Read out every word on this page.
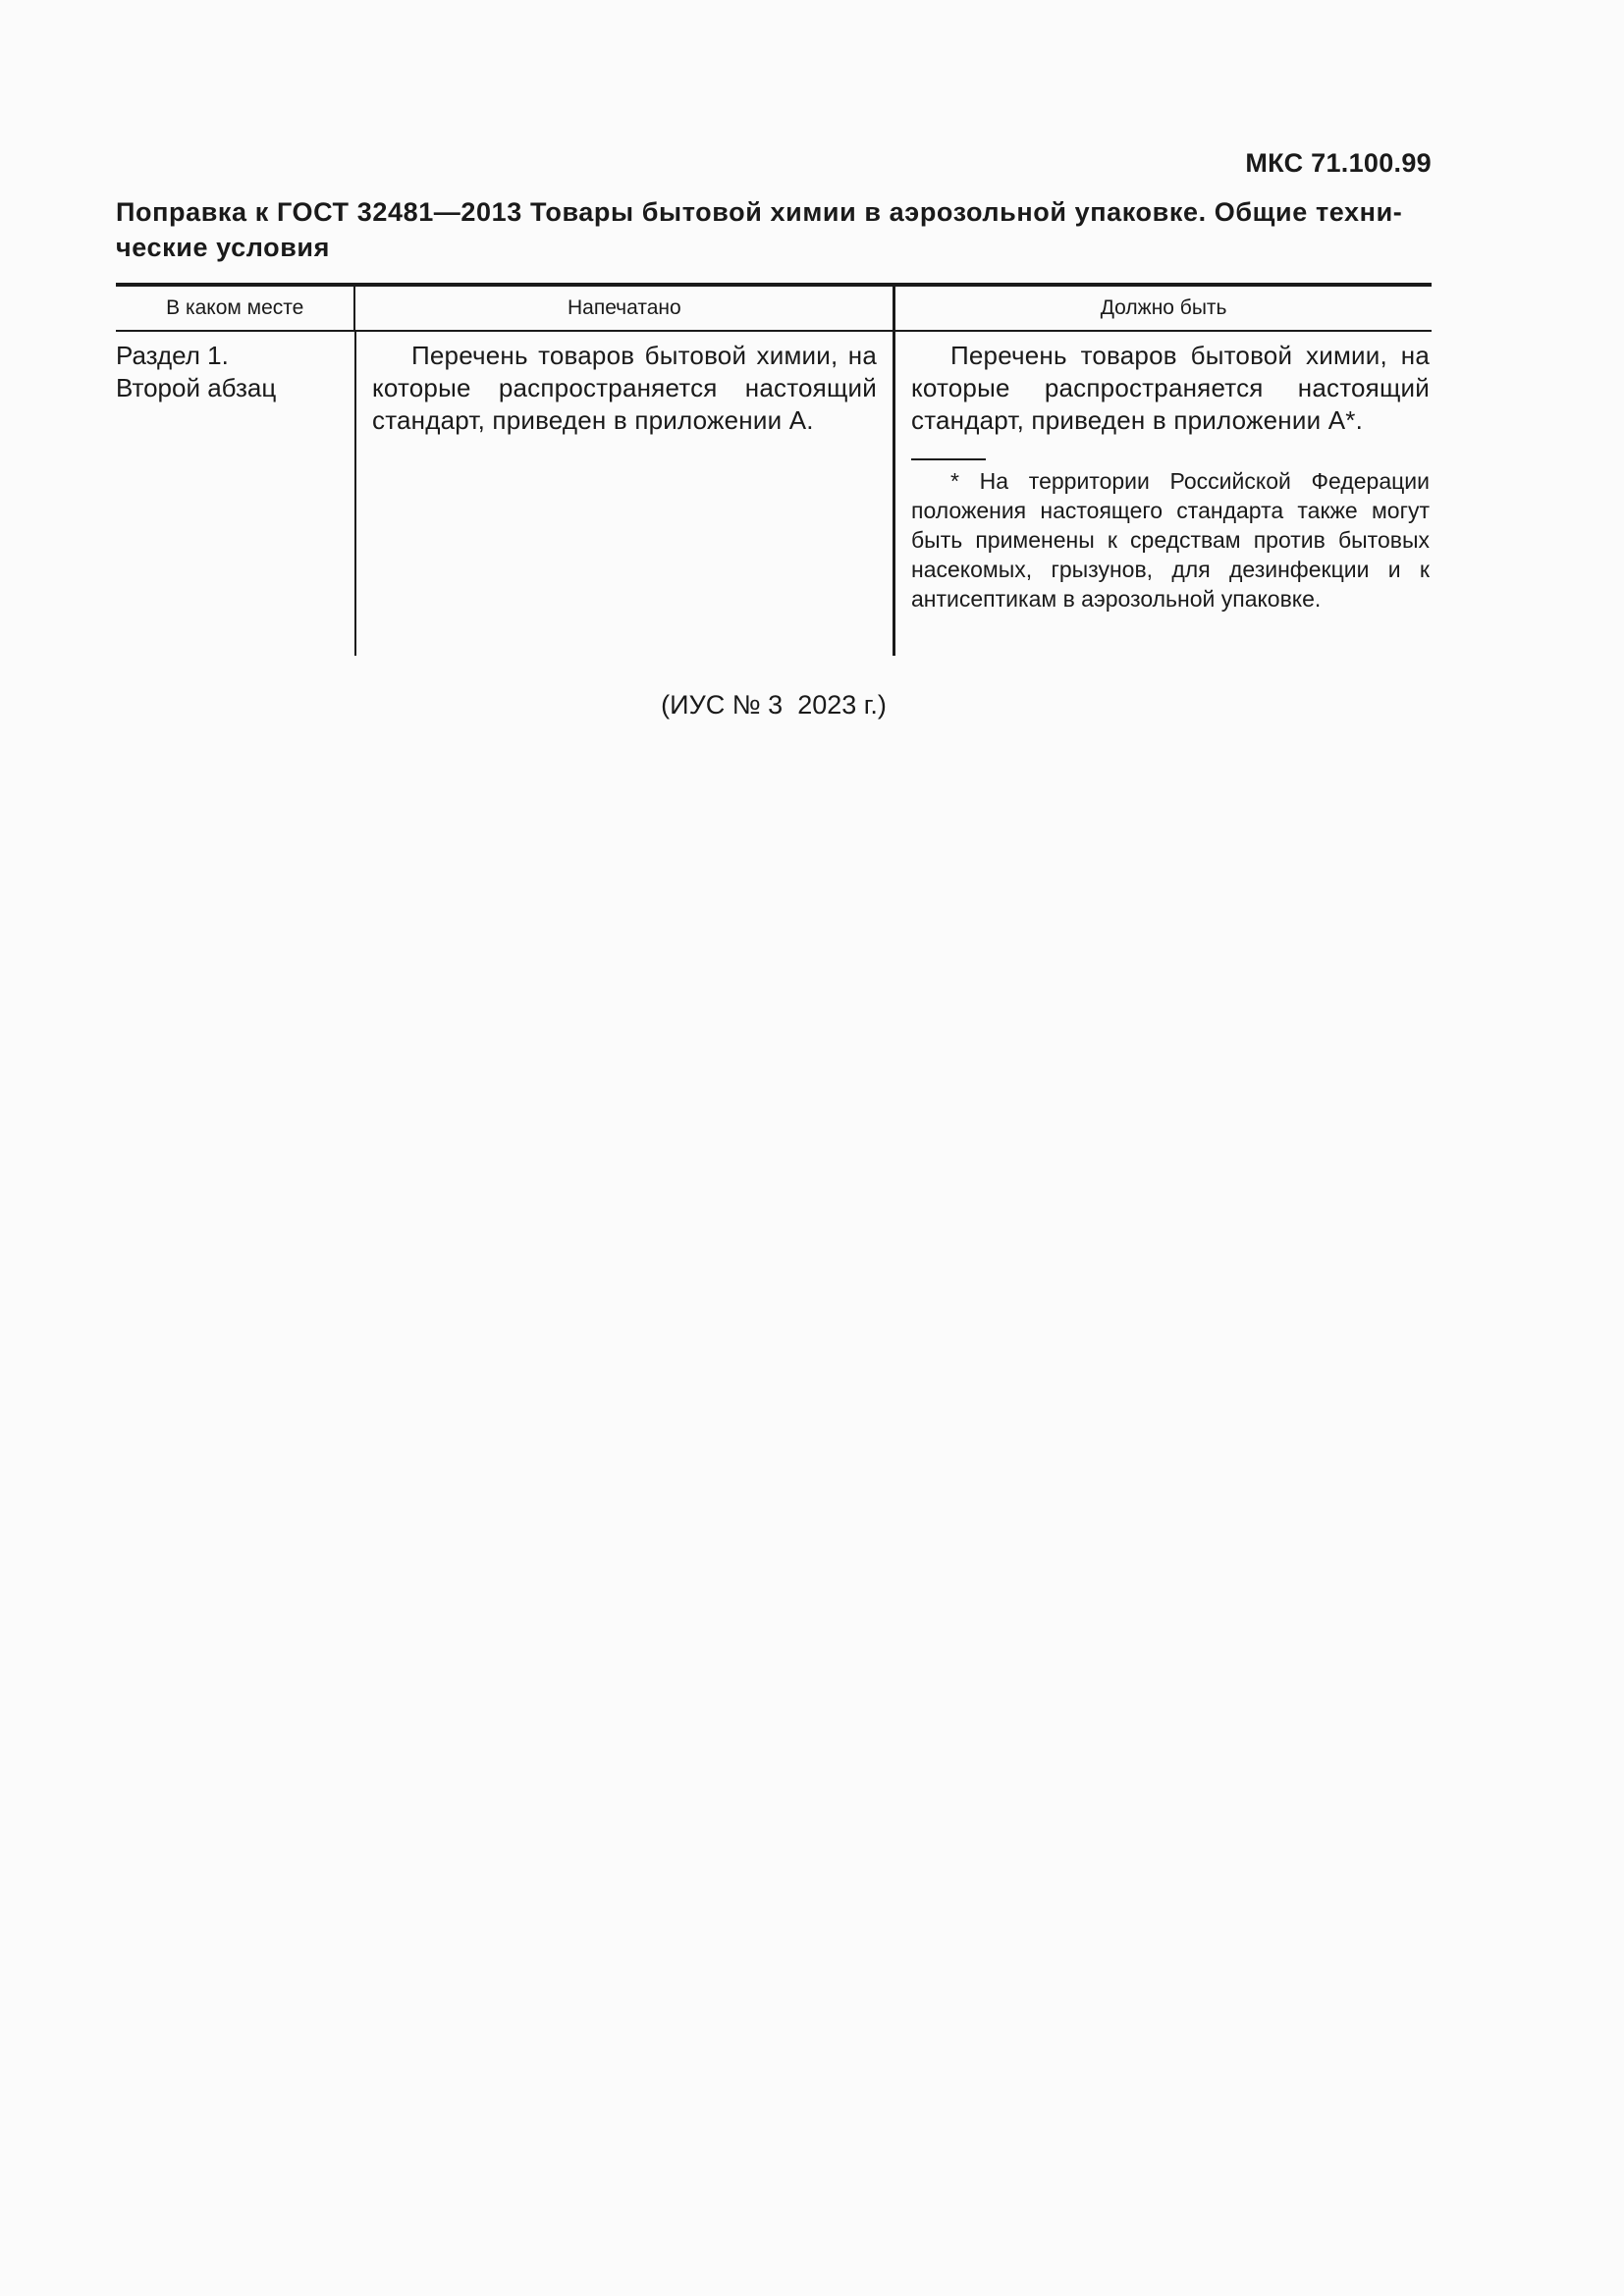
МКС 71.100.99
Поправка к ГОСТ 32481—2013 Товары бытовой химии в аэрозольной упаковке. Общие техни-
ческие условия
В каком месте	Напечатано	Должно быть
Раздел 1.
Второй абзац
Перечень товаров бытовой химии, на которые распространяется настоящий стандарт, приведен в приложении А.
Перечень товаров бытовой химии, на которые распространяется настоящий стандарт, приведен в приложении А*.
* На территории Российской Федерации положения настоящего стандарта также могут быть применены к средствам против бытовых насекомых, грызунов, для дезинфекции и к антисептикам в аэрозольной упаковке.
(ИУС № 3  2023 г.)
